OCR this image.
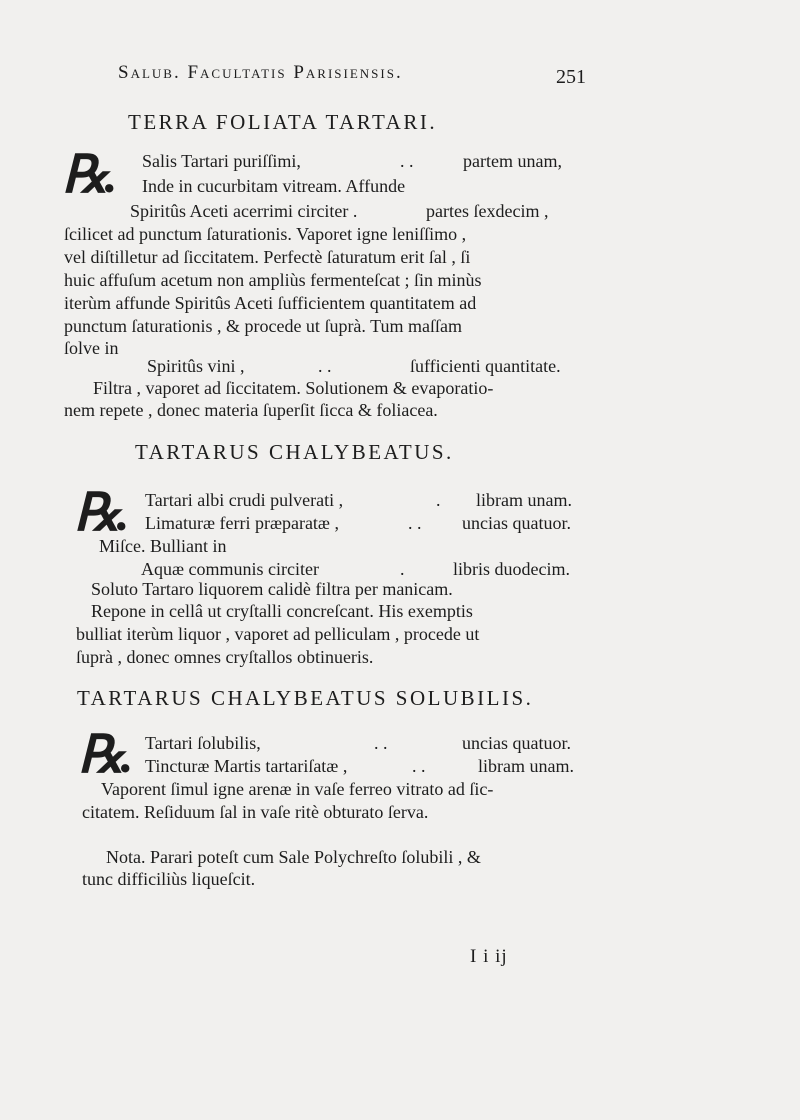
Salub. Facultatis Parisiensis.	251
TERRA FOLIATA TARTARI.
℞. Salis Tartari puriſſimi,	. .	partem unam,
Inde in cucurbitam vitream. Affunde
Spiritûs Aceti acerrimi circiter .	partes ſexdecim ,
ſcilicet ad punctum ſaturationis. Vaporet igne leniſſimo ,
vel diſtilletur ad ſiccitatem. Perfectè ſaturatum erit ſal , ſi
huic affuſum acetum non ampliùs fermenteſcat ; ſin minùs
iterùm affunde Spiritûs Aceti ſufficientem quantitatem ad
punctum ſaturationis , & procede ut ſuprà. Tum maſſam
ſolve in
Spiritûs vini ,	. .	ſufficienti quantitate.
Filtra , vaporet ad ſiccitatem. Solutionem & evaporatio-
nem repete , donec materia ſuperſit ſicca & foliacea.
TARTARUS CHALYBEATUS.
℞. Tartari albi crudi pulverati ,	. libram unam.
Limaturæ ferri præparatæ ,	. . uncias quatuor.
Miſce. Bulliant in
Aquæ communis circiter	.	libris duodecim.
Soluto Tartaro liquorem calidè filtra per manicam.
Repone in cellâ ut cryſtalli concreſcant. His exemptis
bulliat iterùm liquor , vaporet ad pelliculam , procede ut
ſuprà , donec omnes cryſtallos obtinueris.
TARTARUS CHALYBEATUS SOLUBILIS.
℞. Tartari ſolubilis,	. .	uncias quatuor.
Tincturæ Martis tartariſatæ ,	. .	libram unam.
Vaporent ſimul igne arenæ in vaſe ferreo vitrato ad ſic-
citatem. Reſiduum ſal in vaſe ritè obturato ſerva.
Nota. Parari poteſt cum Sale Polychreſto ſolubili , &
tunc difficiliùs liqueſcit.
I i ij
